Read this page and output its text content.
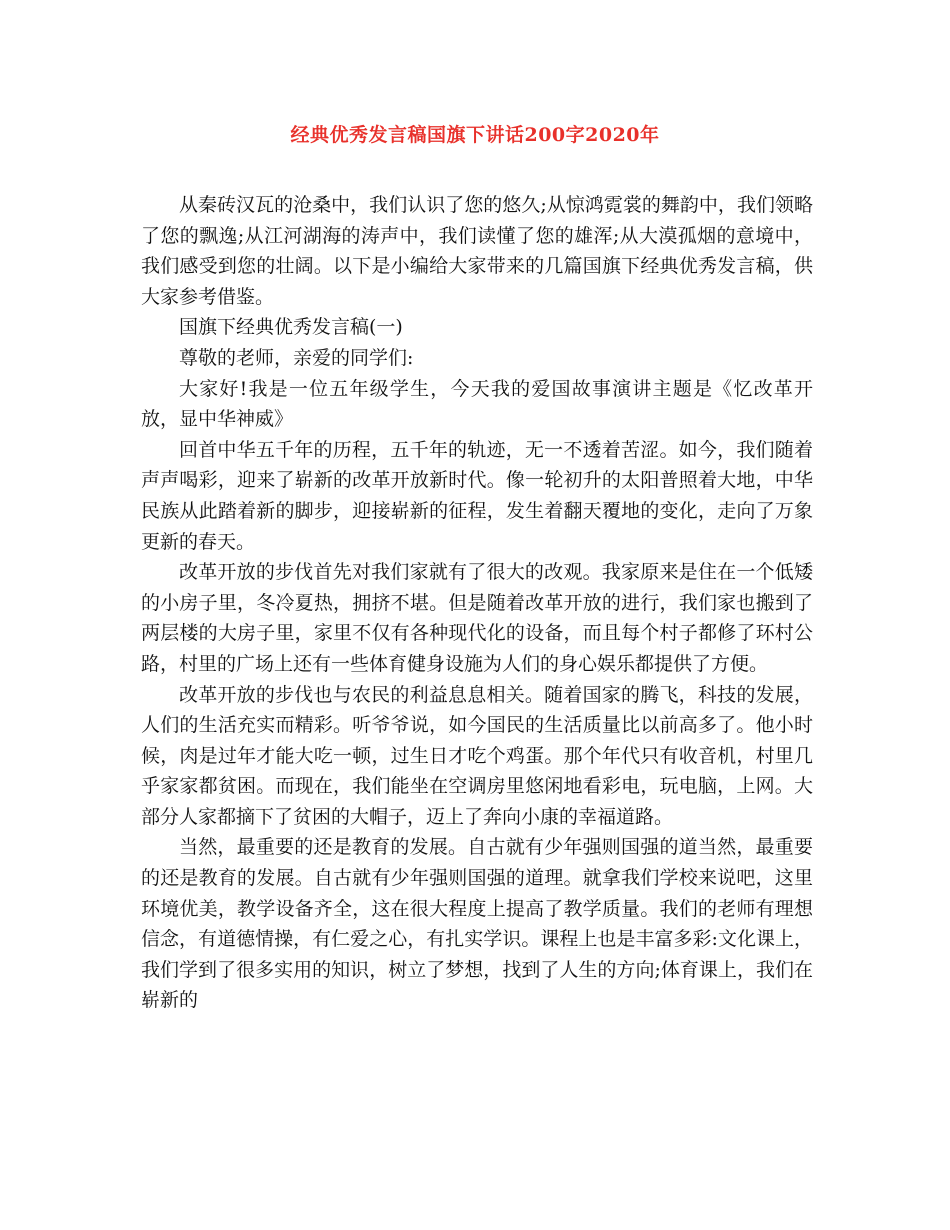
经典优秀发言稿国旗下讲话200字2020年

从秦砖汉瓦的沧桑中，我们认识了您的悠久;从惊鸿霓裳的舞韵中，我们领略了您的飘逸;从江河湖海的涛声中，我们读懂了您的雄浑;从大漠孤烟的意境中，我们感受到您的壮阔。以下是小编给大家带来的几篇国旗下经典优秀发言稿，供大家参考借鉴。

国旗下经典优秀发言稿(一)

尊敬的老师，亲爱的同学们:

大家好!我是一位五年级学生，今天我的爱国故事演讲主题是《忆改革开放，显中华神威》

回首中华五千年的历程，五千年的轨迹，无一不透着苦涩。如今，我们随着声声喝彩，迎来了崭新的改革开放新时代。像一轮初升的太阳普照着大地，中华民族从此踏着新的脚步，迎接崭新的征程，发生着翻天覆地的变化，走向了万象更新的春天。

改革开放的步伐首先对我们家就有了很大的改观。我家原来是住在一个低矮的小房子里，冬冷夏热，拥挤不堪。但是随着改革开放的进行，我们家也搬到了两层楼的大房子里，家里不仅有各种现代化的设备，而且每个村子都修了环村公路，村里的广场上还有一些体育健身设施为人们的身心娱乐都提供了方便。

改革开放的步伐也与农民的利益息息相关。随着国家的腾飞，科技的发展，人们的生活充实而精彩。听爷爷说，如今国民的生活质量比以前高多了。他小时候，肉是过年才能大吃一顿，过生日才吃个鸡蛋。那个年代只有收音机，村里几乎家家都贫困。而现在，我们能坐在空调房里悠闲地看彩电，玩电脑，上网。大部分人家都摘下了贫困的大帽子，迈上了奔向小康的幸福道路。

当然，最重要的还是教育的发展。自古就有少年强则国强的道当然，最重要的还是教育的发展。自古就有少年强则国强的道理。就拿我们学校来说吧，这里环境优美，教学设备齐全，这在很大程度上提高了教学质量。我们的老师有理想信念，有道德情操，有仁爱之心，有扎实学识。课程上也是丰富多彩:文化课上，我们学到了很多实用的知识，树立了梦想，找到了人生的方向;体育课上，我们在崭新的
